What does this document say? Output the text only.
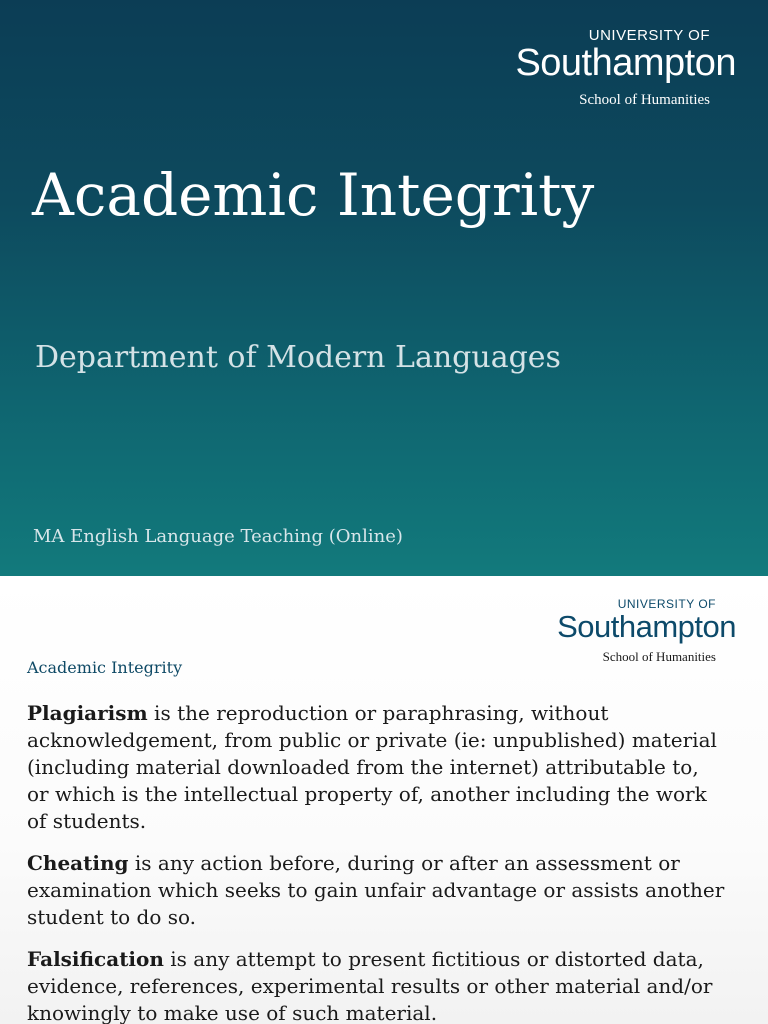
UNIVERSITY OF
Southampton
School of Humanities
Academic Integrity
Department of Modern Languages
MA English Language Teaching (Online)
UNIVERSITY OF
Southampton
School of Humanities
Academic Integrity

Plagiarism is the reproduction or paraphrasing, without
acknowledgement, from public or private (ie: unpublished) material
(including material downloaded from the internet) attributable to,
or which is the intellectual property of, another including the work
of students.

Cheating is any action before, during or after an assessment or
examination which seeks to gain unfair advantage or assists another
student to do so.

Falsification is any attempt to present fictitious or distorted data,
evidence, references, experimental results or other material and/or
knowingly to make use of such material.
